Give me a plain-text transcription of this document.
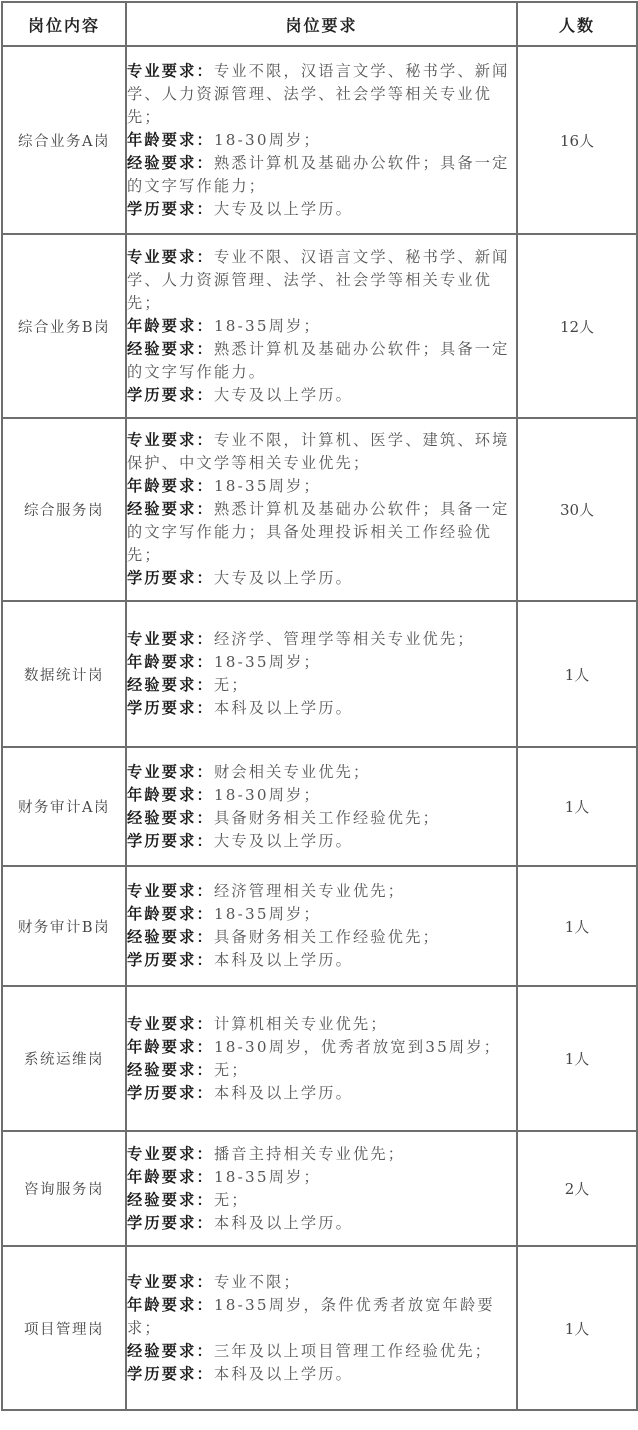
岗位内容	岗位要求	人数
综合业务A岗	专业要求：专业不限，汉语言文学、秘书学、新闻学、人力资源管理、法学、社会学等相关专业优先；
年龄要求：18-30周岁；
经验要求：熟悉计算机及基础办公软件；具备一定的文字写作能力；
学历要求：大专及以上学历。	16人
综合业务B岗	专业要求：专业不限、汉语言文学、秘书学、新闻学、人力资源管理、法学、社会学等相关专业优先；
年龄要求：18-35周岁；
经验要求：熟悉计算机及基础办公软件；具备一定的文字写作能力。
学历要求：大专及以上学历。	12人
综合服务岗	专业要求：专业不限，计算机、医学、建筑、环境保护、中文学等相关专业优先；
年龄要求：18-35周岁；
经验要求：熟悉计算机及基础办公软件；具备一定的文字写作能力；具备处理投诉相关工作经验优先；
学历要求：大专及以上学历。	30人
数据统计岗	专业要求：经济学、管理学等相关专业优先；
年龄要求：18-35周岁；
经验要求：无；
学历要求：本科及以上学历。	1人
财务审计A岗	专业要求：财会相关专业优先；
年龄要求：18-30周岁；
经验要求：具备财务相关工作经验优先；
学历要求：大专及以上学历。	1人
财务审计B岗	专业要求：经济管理相关专业优先；
年龄要求：18-35周岁；
经验要求：具备财务相关工作经验优先；
学历要求：本科及以上学历。	1人
系统运维岗	专业要求：计算机相关专业优先；
年龄要求：18-30周岁，优秀者放宽到35周岁；
经验要求：无；
学历要求：本科及以上学历。	1人
咨询服务岗	专业要求：播音主持相关专业优先；
年龄要求：18-35周岁；
经验要求：无；
学历要求：本科及以上学历。	2人
项目管理岗	专业要求：专业不限；
年龄要求：18-35周岁，条件优秀者放宽年龄要求；
经验要求：三年及以上项目管理工作经验优先；
学历要求：本科及以上学历。	1人
